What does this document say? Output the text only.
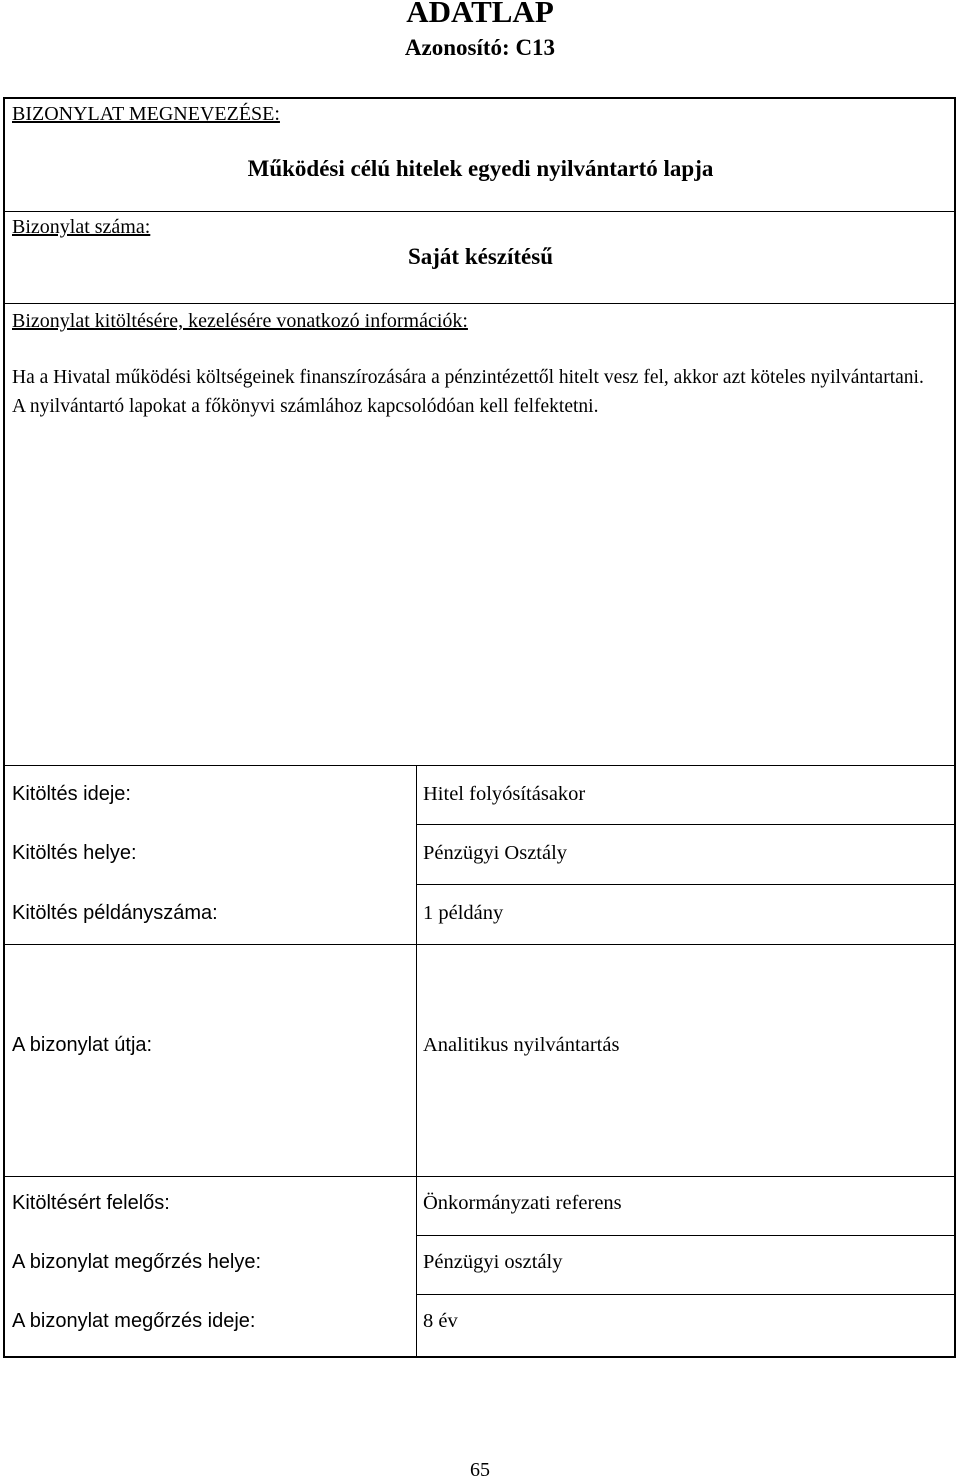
ADATLAP
Azonosító: C13
BIZONYLAT MEGNEVEZÉSE:
Működési célú hitelek egyedi nyilvántartó lapja
Bizonylat száma:
Saját készítésű
Bizonylat kitöltésére, kezelésére vonatkozó információk:

Ha a Hivatal működési költségeinek finanszírozására a pénzintézettől hitelt vesz fel, akkor azt köteles nyilvántartani.

A nyilvántartó lapokat a főkönyvi számlához kapcsolódóan kell felfektetni.

Kitöltés ideje:	Hitel folyósításakor
Kitöltés helye:	Pénzügyi Osztály
Kitöltés példányszáma:	1 példány
A bizonylat útja:	Analitikus nyilvántartás
Kitöltésért felelős:	Önkormányzati referens
A bizonylat megőrzés helye:	Pénzügyi osztály
A bizonylat megőrzés ideje:	8 év
65
